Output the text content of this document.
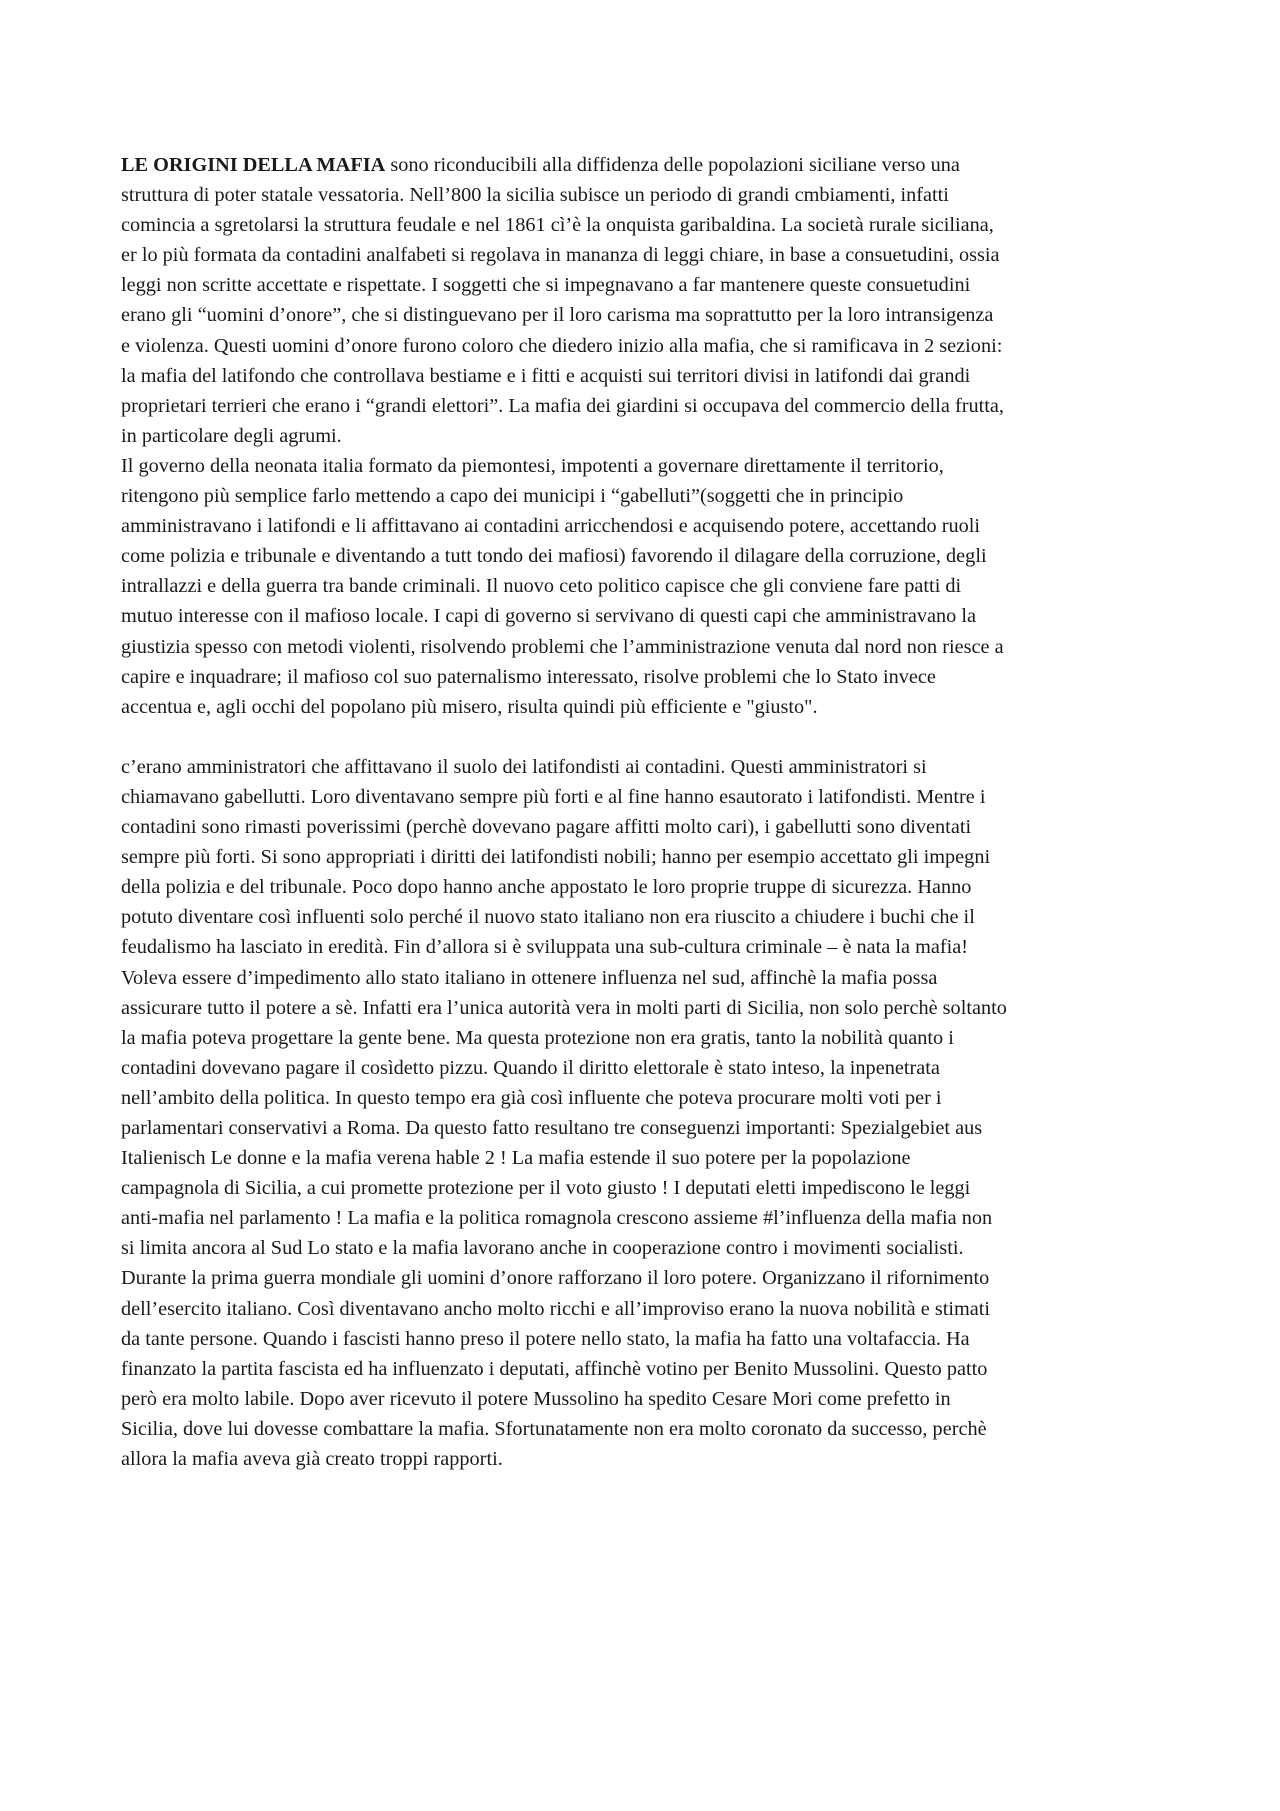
LE ORIGINI DELLA MAFIA sono riconducibili alla diffidenza delle popolazioni siciliane verso una
struttura di poter statale vessatoria. Nell’800 la sicilia subisce un periodo di grandi cmbiamenti, infatti
comincia a sgretolarsi la struttura feudale e nel 1861 cì’è la onquista garibaldina. La società rurale siciliana,
er lo più formata da contadini analfabeti si regolava in mananza di leggi chiare, in base a consuetudini, ossia
leggi non scritte accettate e rispettate. I soggetti che si impegnavano a far mantenere queste consuetudini
erano gli “uomini d’onore”, che si distinguevano per il loro carisma ma soprattutto per la loro intransigenza
e violenza. Questi uomini d’onore furono coloro che diedero inizio alla mafia, che si ramificava in 2 sezioni:
la mafia del latifondo che controllava bestiame e i fitti e acquisti sui territori divisi in latifondi dai grandi
proprietari terrieri che erano i “grandi elettori”. La mafia dei giardini si occupava del commercio della frutta,
in particolare degli agrumi.
Il governo della neonata italia formato da piemontesi, impotenti a governare direttamente il territorio,
ritengono più semplice farlo mettendo a capo dei municipi i “gabelluti”(soggetti che in principio
amministravano i latifondi e li affittavano ai contadini arricchendosi e acquisendo potere, accettando ruoli
come polizia e tribunale e diventando a tutt tondo dei mafiosi) favorendo il dilagare della corruzione, degli
intrallazzi e della guerra tra bande criminali. Il nuovo ceto politico capisce che gli conviene fare patti di
mutuo interesse con il mafioso locale. I capi di governo si servivano di questi capi che amministravano la
giustizia spesso con metodi violenti, risolvendo problemi che l’amministrazione venuta dal nord non riesce a
capire e inquadrare; il mafioso col suo paternalismo interessato, risolve problemi che lo Stato invece
accentua e, agli occhi del popolano più misero, risulta quindi più efficiente e "giusto".
c’erano amministratori che affittavano il suolo dei latifondisti ai contadini. Questi amministratori si
chiamavano gabellutti. Loro diventavano sempre più forti e al fine hanno esautorato i latifondisti. Mentre i
contadini sono rimasti poverissimi (perchè dovevano pagare affitti molto cari), i gabellutti sono diventati
sempre più forti. Si sono appropriati i diritti dei latifondisti nobili; hanno per esempio accettato gli impegni
della polizia e del tribunale. Poco dopo hanno anche appostato le loro proprie truppe di sicurezza. Hanno
potuto diventare così influenti solo perché il nuovo stato italiano non era riuscito a chiudere i buchi che il
feudalismo ha lasciato in eredità. Fin d’allora si è sviluppata una sub-cultura criminale – è nata la mafia!
Voleva essere d’impedimento allo stato italiano in ottenere influenza nel sud, affinchè la mafia possa
assicurare tutto il potere a sè. Infatti era l’unica autorità vera in molti parti di Sicilia, non solo perchè soltanto
la mafia poteva progettare la gente bene. Ma questa protezione non era gratis, tanto la nobilità quanto i
contadini dovevano pagare il cosìdetto pizzu. Quando il diritto elettorale è stato inteso, la inpenetrata
nell’ambito della politica. In questo tempo era già così influente che poteva procurare molti voti per i
parlamentari conservativi a Roma. Da questo fatto resultano tre conseguenzi importanti: Spezialgebiet aus
Italienisch Le donne e la mafia verena hable 2 ! La mafia estende il suo potere per la popolazione
campagnola di Sicilia, a cui promette protezione per il voto giusto ! I deputati eletti impediscono le leggi
anti-mafia nel parlamento ! La mafia e la politica romagnola crescono assieme #l’influenza della mafia non
si limita ancora al Sud Lo stato e la mafia lavorano anche in cooperazione contro i movimenti socialisti.
Durante la prima guerra mondiale gli uomini d’onore rafforzano il loro potere. Organizzano il rifornimento
dell’esercito italiano. Così diventavano ancho molto ricchi e all’improviso erano la nuova nobilità e stimati
da tante persone. Quando i fascisti hanno preso il potere nello stato, la mafia ha fatto una voltafaccia. Ha
finanzato la partita fascista ed ha influenzato i deputati, affinchè votino per Benito Mussolini. Questo patto
però era molto labile. Dopo aver ricevuto il potere Mussolino ha spedito Cesare Mori come prefetto in
Sicilia, dove lui dovesse combattare la mafia. Sfortunatamente non era molto coronato da successo, perchè
allora la mafia aveva già creato troppi rapporti.
